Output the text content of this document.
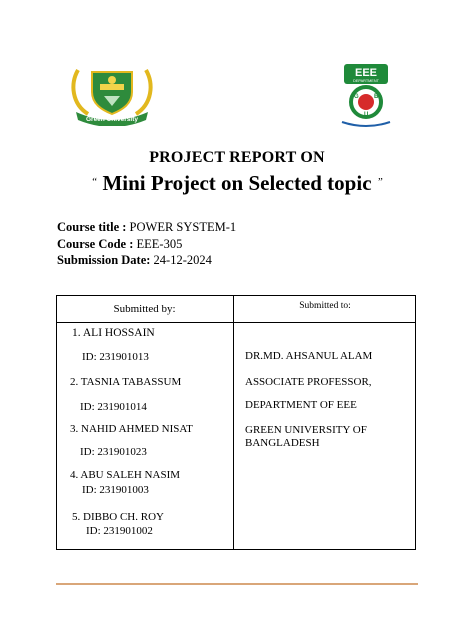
Green University
EEE
DEPARTMENT
G	B
U
PROJECT REPORT ON
“ Mini Project on Selected topic ”
Course title : POWER SYSTEM-1
Course Code : EEE-305
Submission Date: 24-12-2024
Submitted by:	Submitted to:
1. ALI HOSSAIN
ID: 231901013
2. TASNIA TABASSUM
ID: 231901014
3. NAHID AHMED NISAT
ID: 231901023
4. ABU SALEH NASIM
ID: 231901003
5. DIBBO CH. ROY
ID: 231901002
DR.MD. AHSANUL ALAM
ASSOCIATE PROFESSOR,
DEPARTMENT OF EEE
GREEN UNIVERSITY OF
BANGLADESH
